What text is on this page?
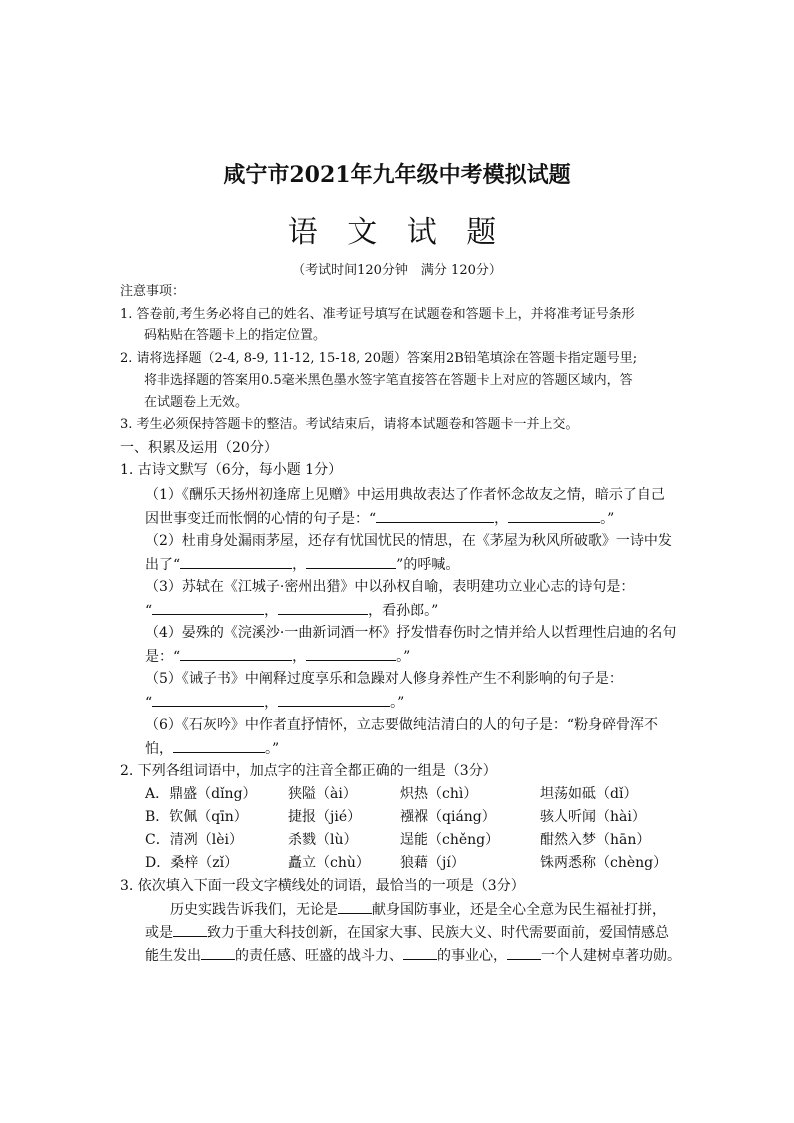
咸宁市2021年九年级中考模拟试题
语 文 试 题
（考试时间120分钟　满分 120分）
注意事项：
1. 答卷前,考生务必将自己的姓名、准考证号填写在试题卷和答题卡上，并将准考证号条形
码粘贴在答题卡上的指定位置。
2. 请将选择题（2-4, 8-9, 11-12, 15-18, 20题）答案用2B铅笔填涂在答题卡指定题号里;
将非选择题的答案用0.5毫米黑色墨水签字笔直接答在答题卡上对应的答题区域内，答
在试题卷上无效。
3. 考生必须保持答题卡的整洁。考试结束后，请将本试题卷和答题卡一并上交。
一、积累及运用（20分）
1. 古诗文默写（6分，每小题 1分）
（1）《酬乐天扬州初逢席上见赠》中运用典故表达了作者怀念故友之情，暗示了自己
因世事变迁而怅惘的心情的句子是：“	，	。”
（2）杜甫身处漏雨茅屋，还存有忧国忧民的情思，在《茅屋为秋风所破歌》一诗中发
出了“	，	”的呼喊。
（3）苏轼在《江城子·密州出猎》中以孙权自喻，表明建功立业心志的诗句是：
“	，	，看孙郎。”
（4）晏殊的《浣溪沙·一曲新词酒一杯》抒发惜春伤时之情并给人以哲理性启迪的名句
是：“	，	。”
（5）《诫子书》中阐释过度享乐和急躁对人修身养性产生不利影响的句子是：
“	，	。”
（6）《石灰吟》中作者直抒情怀，立志要做纯洁清白的人的句子是：“粉身碎骨浑不
怕，	。”
2. 下列各组词语中，加点字的注音全都正确的一组是（3分）
A．鼎盛（dǐng） 狭隘（ài）	炽热（chì）	坦荡如砥（dǐ）
B．钦佩（qīn）	捷报（jié）	襁褓（qiáng）	骇人听闻（hài）
C．清冽（lèi）	杀戮（lù）	逞能（chěng）	酣然入梦（hān）
D．桑梓（zǐ）	矗立（chù） 狼藉（jí）	铢两悉称（chèng）
3. 依次填入下面一段文字横线处的词语，最恰当的一项是（3分）
历史实践告诉我们，无论是 献身国防事业，还是全心全意为民生福祉打拼，
或是 致力于重大科技创新，在国家大事、民族大义、时代需要面前，爱国情感总
能生发出 的责任感、旺盛的战斗力、 的事业心， 一个人建树卓著功勋。
